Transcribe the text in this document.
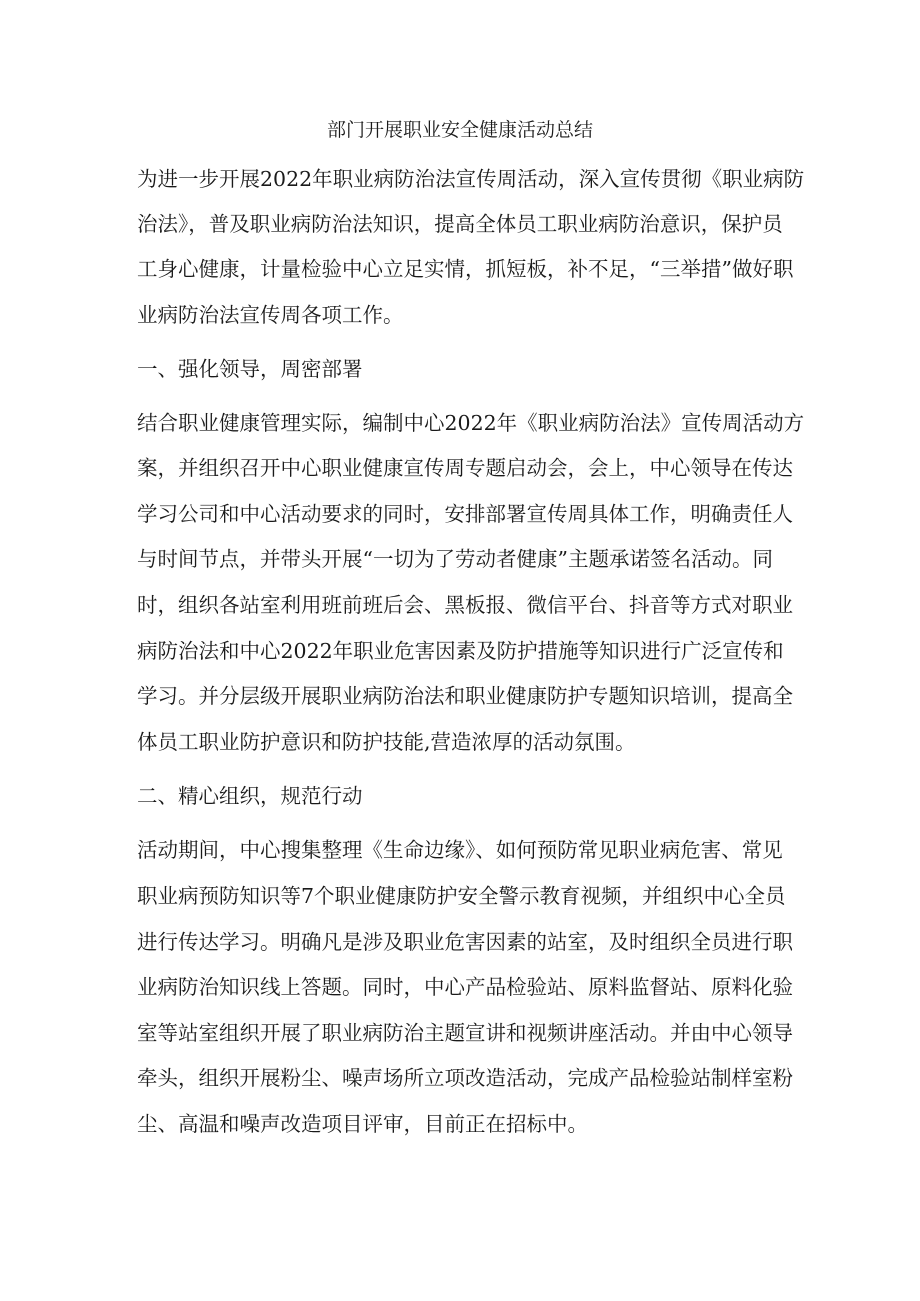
部门开展职业安全健康活动总结
为进一步开展2022年职业病防治法宣传周活动，深入宣传贯彻《职业病防
治法》，普及职业病防治法知识，提高全体员工职业病防治意识，保护员
工身心健康，计量检验中心立足实情，抓短板，补不足，“三举措”做好职
业病防治法宣传周各项工作。
一、强化领导，周密部署
结合职业健康管理实际，编制中心2022年《职业病防治法》宣传周活动方
案，并组织召开中心职业健康宣传周专题启动会，会上，中心领导在传达
学习公司和中心活动要求的同时，安排部署宣传周具体工作，明确责任人
与时间节点，并带头开展“一切为了劳动者健康”主题承诺签名活动。同
时，组织各站室利用班前班后会、黑板报、微信平台、抖音等方式对职业
病防治法和中心2022年职业危害因素及防护措施等知识进行广泛宣传和
学习。并分层级开展职业病防治法和职业健康防护专题知识培训，提高全
体员工职业防护意识和防护技能,营造浓厚的活动氛围。
二、精心组织，规范行动
活动期间，中心搜集整理《生命边缘》、如何预防常见职业病危害、常见
职业病预防知识等7个职业健康防护安全警示教育视频，并组织中心全员
进行传达学习。明确凡是涉及职业危害因素的站室，及时组织全员进行职
业病防治知识线上答题。同时，中心产品检验站、原料监督站、原料化验
室等站室组织开展了职业病防治主题宣讲和视频讲座活动。并由中心领导
牵头，组织开展粉尘、噪声场所立项改造活动，完成产品检验站制样室粉
尘、高温和噪声改造项目评审，目前正在招标中。
